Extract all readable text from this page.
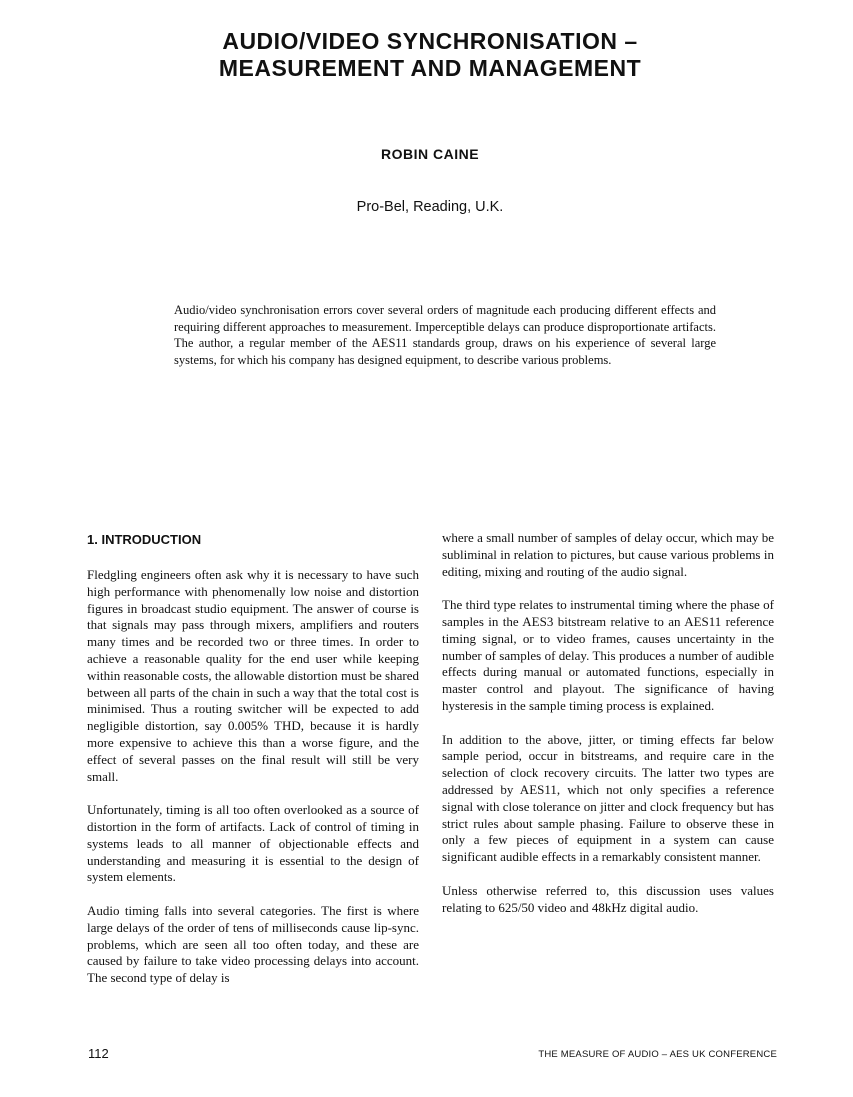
AUDIO/VIDEO SYNCHRONISATION –
MEASUREMENT AND MANAGEMENT
ROBIN CAINE
Pro-Bel, Reading, U.K.

Audio/video synchronisation errors cover several orders of magnitude each producing different effects and requiring different approaches to measurement. Imperceptible delays can produce disproportionate artifacts. The author, a regular member of the AES11 standards group, draws on his experience of several large systems, for which his company has designed equipment, to describe various problems.

1. INTRODUCTION

Fledgling engineers often ask why it is necessary to have such high performance with phenomenally low noise and distortion figures in broadcast studio equipment. The answer of course is that signals may pass through mixers, amplifiers and routers many times and be recorded two or three times. In order to achieve a reasonable quality for the end user while keeping within reasonable costs, the allowable distortion must be shared between all parts of the chain in such a way that the total cost is minimised. Thus a routing switcher will be expected to add negligible distortion, say 0.005% THD, because it is hardly more expensive to achieve this than a worse figure, and the effect of several passes on the final result will still be very small.

Unfortunately, timing is all too often overlooked as a source of distortion in the form of artifacts. Lack of control of timing in systems leads to all manner of objectionable effects and understanding and measuring it is essential to the design of system elements.

Audio timing falls into several categories. The first is where large delays of the order of tens of milliseconds cause lip-sync. problems, which are seen all too often today, and these are caused by failure to take video processing delays into account. The second type of delay is

where a small number of samples of delay occur, which may be subliminal in relation to pictures, but cause various problems in editing, mixing and routing of the audio signal.

The third type relates to instrumental timing where the phase of samples in the AES3 bitstream relative to an AES11 reference timing signal, or to video frames, causes uncertainty in the number of samples of delay. This produces a number of audible effects during manual or automated functions, especially in master control and playout. The significance of having hysteresis in the sample timing process is explained.

In addition to the above, jitter, or timing effects far below sample period, occur in bitstreams, and require care in the selection of clock recovery circuits. The latter two types are addressed by AES11, which not only specifies a reference signal with close tolerance on jitter and clock frequency but has strict rules about sample phasing. Failure to observe these in only a few pieces of equipment in a system can cause significant audible effects in a remarkably consistent manner.

Unless otherwise referred to, this discussion uses values relating to 625/50 video and 48kHz digital audio.

112	THE MEASURE OF AUDIO – AES UK CONFERENCE
